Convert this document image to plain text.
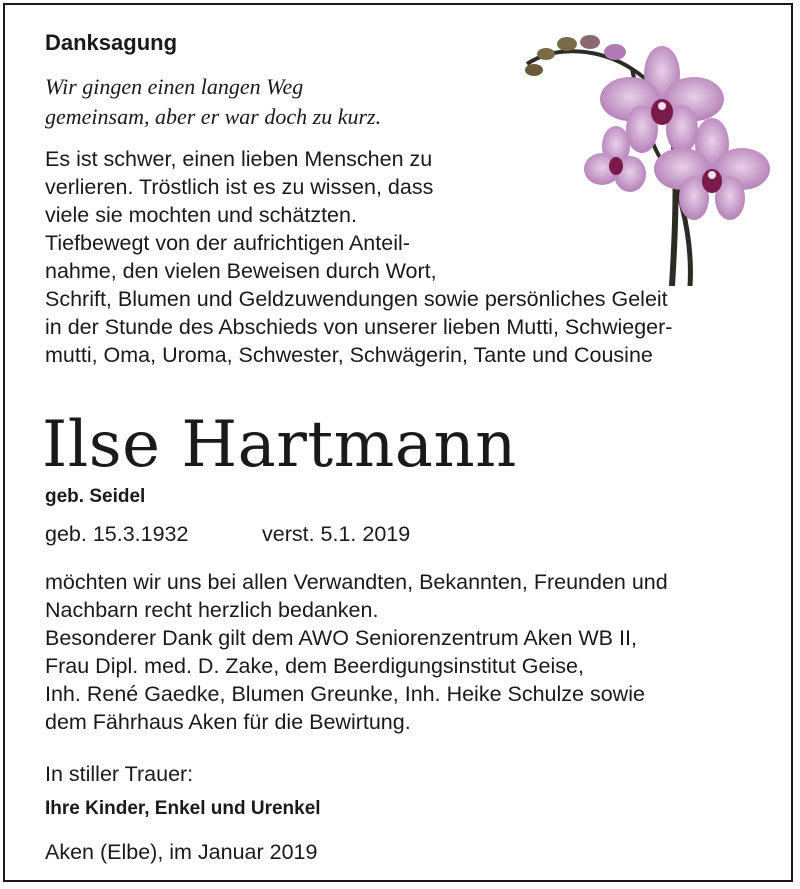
Danksagung
Wir gingen einen langen Weg
gemeinsam, aber er war doch zu kurz.
Es ist schwer, einen lieben Menschen zu
verlieren. Tröstlich ist es zu wissen, dass
viele sie mochten und schätzten.
Tiefbewegt von der aufrichtigen Anteil-
nahme, den vielen Beweisen durch Wort,
Schrift, Blumen und Geldzuwendungen sowie persönliches Geleit
in der Stunde des Abschieds von unserer lieben Mutti, Schwieger-
mutti, Oma, Uroma, Schwester, Schwägerin, Tante und Cousine
Ilse Hartmann
geb. Seidel
geb. 15.3.1932	verst. 5.1. 2019
möchten wir uns bei allen Verwandten, Bekannten, Freunden und
Nachbarn recht herzlich bedanken.
Besonderer Dank gilt dem AWO Seniorenzentrum Aken WB II,
Frau Dipl. med. D. Zake, dem Beerdigungsinstitut Geise,
Inh. René Gaedke, Blumen Greunke, Inh. Heike Schulze sowie
dem Fährhaus Aken für die Bewirtung.
In stiller Trauer:
Ihre Kinder, Enkel und Urenkel
Aken (Elbe), im Januar 2019
